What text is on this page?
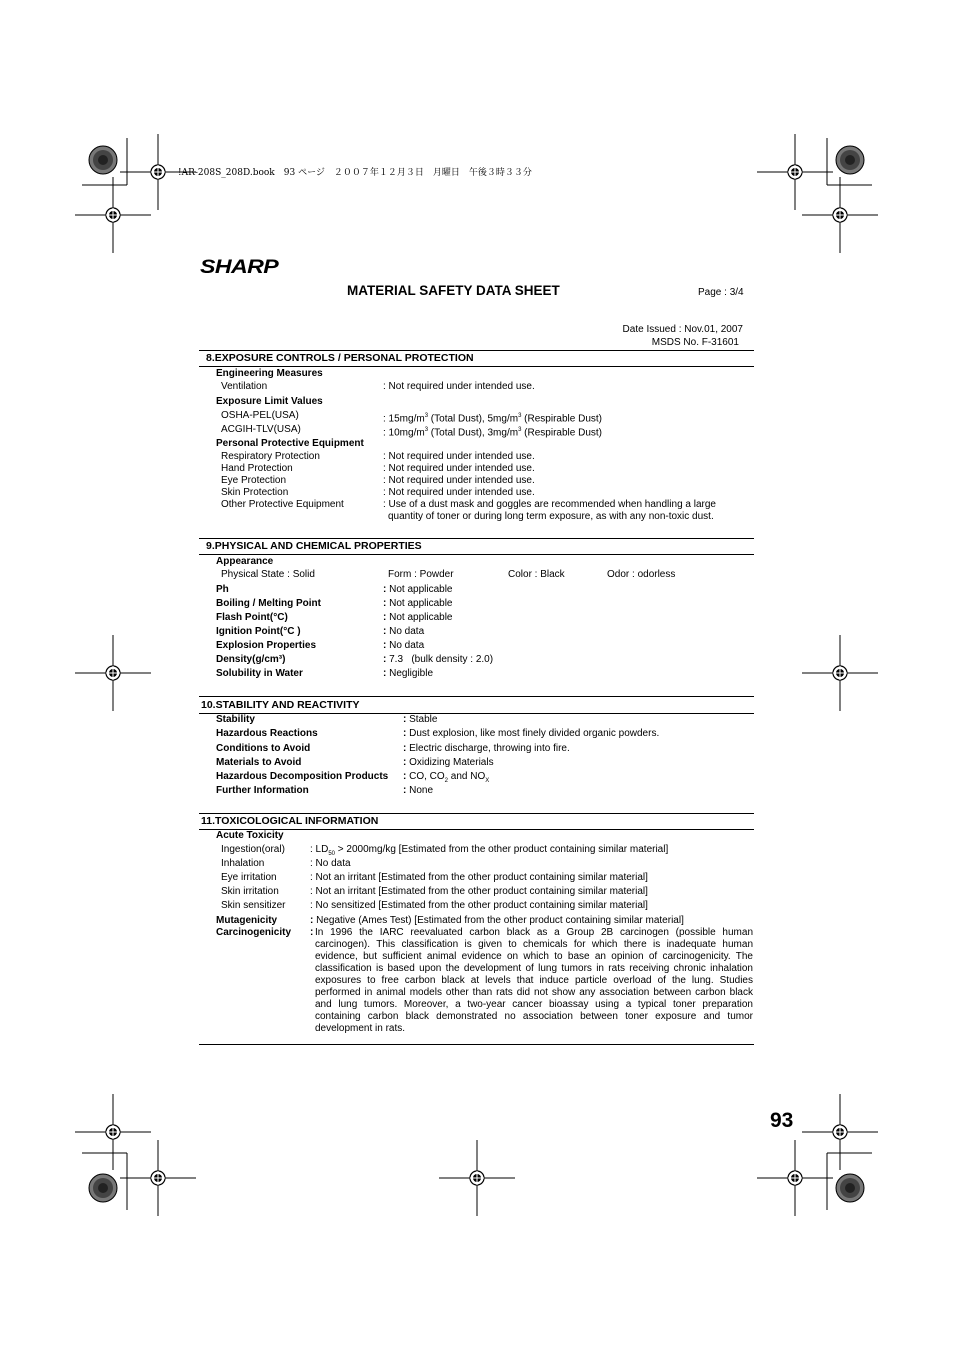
!AR-208S_208D.book　93 ページ　２００７年１２月３日　月曜日　午後３時３３分
SHARP
MATERIAL SAFETY DATA SHEET	Page : 3/4
Date Issued : Nov.01, 2007
MSDS No. F-31601
8.EXPOSURE CONTROLS / PERSONAL PROTECTION
Engineering Measures
Ventilation	: Not required under intended use.
Exposure Limit Values
OSHA-PEL(USA)	: $15mg/m^3$ (Total Dust), $5mg/m^3$ (Respirable Dust)
ACGIH-TLV(USA)	: $10mg/m^3$ (Total Dust), $3mg/m^3$ (Respirable Dust)
Personal Protective Equipment
Respiratory Protection	: Not required under intended use.
Hand Protection	: Not required under intended use.
Eye Protection	: Not required under intended use.
Skin Protection	: Not required under intended use.
Other Protective Equipment	: Use of a dust mask and goggles are recommended when handling a large
quantity of toner or during long term exposure, as with any non-toxic dust.
9.PHYSICAL AND CHEMICAL PROPERTIES
Appearance
Physical State : Solid	Form : Powder	Color : Black	Odor : odorless
Ph	: Not applicable
Boiling / Melting Point	: Not applicable
Flash Point(°C)	: Not applicable
Ignition Point(°C )	: No data
Explosion Properties	: No data
Density(g/cm³)	: 7.3   (bulk density : 2.0)
Solubility in Water	: Negligible
10.STABILITY AND REACTIVITY
Stability	: Stable
Hazardous Reactions	: Dust explosion, like most finely divided organic powders.
Conditions to Avoid	: Electric discharge, throwing into fire.
Materials to Avoid	: Oxidizing Materials
Hazardous Decomposition Products : CO, $CO_2$ and $NO_X$
Further Information	: None
11.TOXICOLOGICAL INFORMATION
Acute Toxicity
Ingestion(oral)	: $LD_{50} > 2000mg/kg$ [Estimated from the other product containing similar material]
Inhalation	: No data
Eye irritation	: Not an irritant [Estimated from the other product containing similar material]
Skin irritation	: Not an irritant [Estimated from the other product containing similar material]
Skin sensitizer : No sensitized [Estimated from the other product containing similar material]
Mutagenicity	: Negative (Ames Test) [Estimated from the other product containing similar material]
Carcinogenicity : In 1996 the IARC reevaluated carbon black as a Group 2B carcinogen (possible human
carcinogen). This classification is given to chemicals for which there is inadequate human
evidence, but sufficient animal evidence on which to base an opinion of carcinogenicity. The
classification is based upon the development of lung tumors in rats receiving chronic inhalation
exposures to free carbon black at levels that induce particle overload of the lung. Studies
performed in animal models other than rats did not show any association between carbon black
and lung tumors. Moreover, a two-year cancer bioassay using a typical toner preparation
containing carbon black demonstrated no association between toner exposure and tumor
development in rats.
93
